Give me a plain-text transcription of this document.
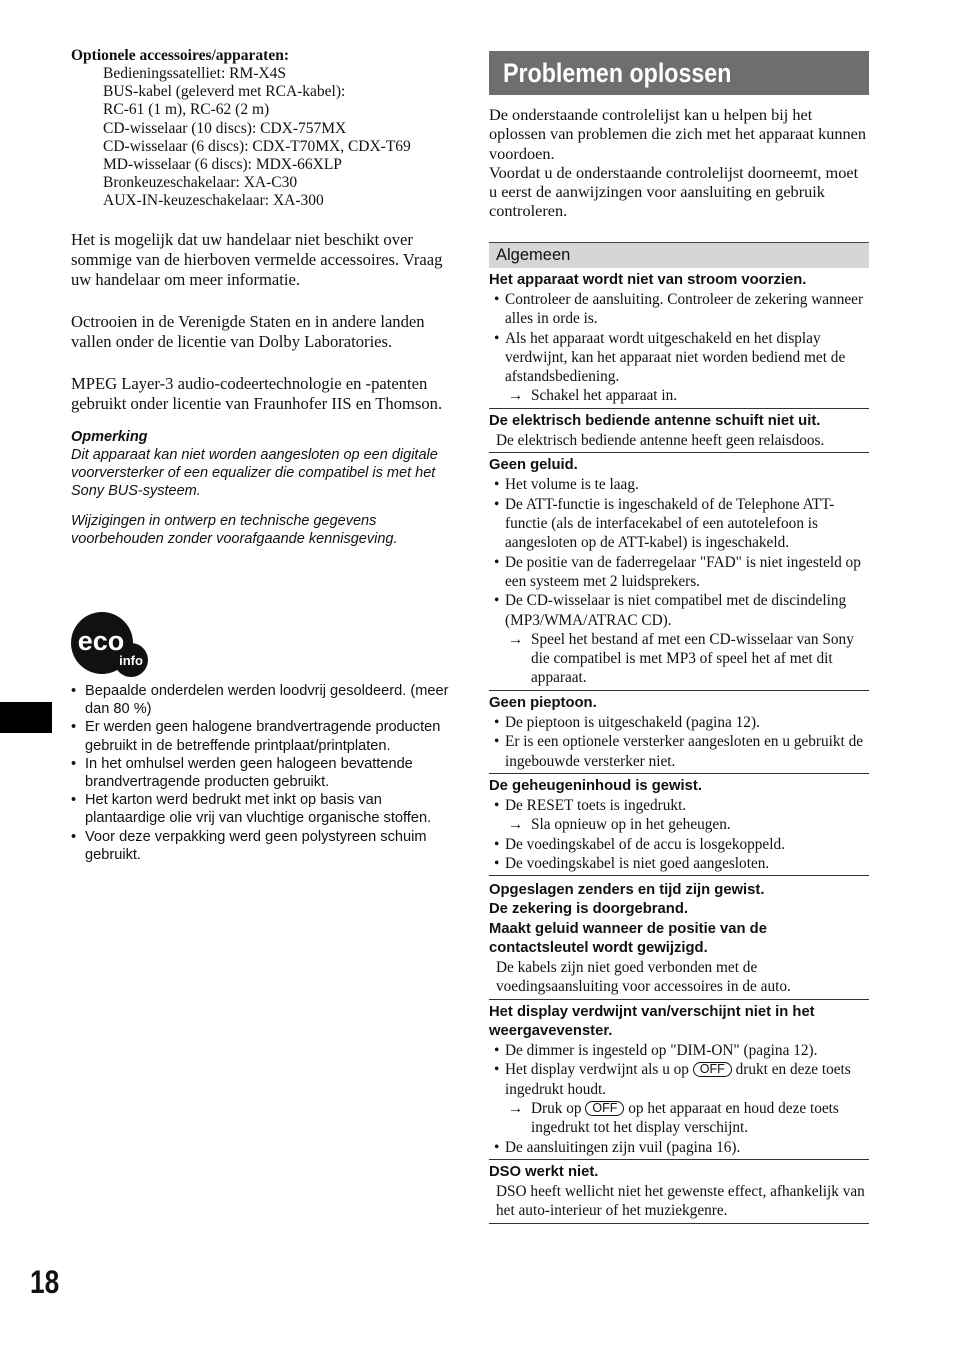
Optionele accessoires/apparaten:
Bedieningssatelliet: RM-X4S
BUS-kabel (geleverd met RCA-kabel):
RC-61 (1 m), RC-62 (2 m)
CD-wisselaar (10 discs): CDX-757MX
CD-wisselaar (6 discs): CDX-T70MX, CDX-T69
MD-wisselaar (6 discs): MDX-66XLP
Bronkeuzeschakelaar: XA-C30
AUX-IN-keuzeschakelaar: XA-300

Het is mogelijk dat uw handelaar niet beschikt over sommige van de hierboven vermelde accessoires. Vraag uw handelaar om meer informatie.

Octrooien in de Verenigde Staten en in andere landen vallen onder de licentie van Dolby Laboratories.

MPEG Layer-3 audio-codeertechnologie en -patenten gebruikt onder licentie van Fraunhofer IIS en Thomson.

Opmerking

Dit apparaat kan niet worden aangesloten op een digitale voorversterker of een equalizer die compatibel is met het Sony BUS-systeem.

Wijzigingen in ontwerp en technische gegevens voorbehouden zonder voorafgaande kennisgeving.

eco
info
• Bepaalde onderdelen werden loodvrij gesoldeerd. (meer dan 80 %)
• Er werden geen halogene brandvertragende producten gebruikt in de betreffende printplaat/printplaten.
• In het omhulsel werden geen halogeen bevattende brandvertragende producten gebruikt.
• Het karton werd bedrukt met inkt op basis van plantaardige olie vrij van vluchtige organische stoffen.
• Voor deze verpakking werd geen polystyreen schuim gebruikt.
18
Problemen oplossen

De onderstaande controlelijst kan u helpen bij het oplossen van problemen die zich met het apparaat kunnen voordoen.

Voordat u de onderstaande controlelijst doorneemt, moet u eerst de aanwijzingen voor aansluiting en gebruik controleren.

Algemeen
Het apparaat wordt niet van stroom voorzien.
• Controleer de aansluiting. Controleer de zekering wanneer alles in orde is.
• Als het apparaat wordt uitgeschakeld en het display verdwijnt, kan het apparaat niet worden bediend met de afstandsbediening.
→ Schakel het apparaat in.
De elektrisch bediende antenne schuift niet uit.
De elektrisch bediende antenne heeft geen relaisdoos.
Geen geluid.
• Het volume is te laag.
• De ATT-functie is ingeschakeld of de Telephone ATT-functie (als de interfacekabel of een autotelefoon is aangesloten op de ATT-kabel) is ingeschakeld.
• De positie van de faderregelaar "FAD" is niet ingesteld op een systeem met 2 luidsprekers.
• De CD-wisselaar is niet compatibel met de discindeling (MP3/WMA/ATRAC CD).
→ Speel het bestand af met een CD-wisselaar van Sony die compatibel is met MP3 of speel het af met dit apparaat.
Geen pieptoon.
• De pieptoon is uitgeschakeld (pagina 12).
• Er is een optionele versterker aangesloten en u gebruikt de ingebouwde versterker niet.
De geheugeninhoud is gewist.
• De RESET toets is ingedrukt.
→ Sla opnieuw op in het geheugen.
• De voedingskabel of de accu is losgekoppeld.
• De voedingskabel is niet goed aangesloten.
Opgeslagen zenders en tijd zijn gewist.
De zekering is doorgebrand.
Maakt geluid wanneer de positie van de contactsleutel wordt gewijzigd.
De kabels zijn niet goed verbonden met de voedingsaansluiting voor accessoires in de auto.
Het display verdwijnt van/verschijnt niet in het weergavevenster.
• De dimmer is ingesteld op "DIM-ON" (pagina 12).
• Het display verdwijnt als u op OFF drukt en deze toets ingedrukt houdt.
→ Druk op OFF op het apparaat en houd deze toets ingedrukt tot het display verschijnt.
• De aansluitingen zijn vuil (pagina 16).
DSO werkt niet.
DSO heeft wellicht niet het gewenste effect, afhankelijk van het auto-interieur of het muziekgenre.
